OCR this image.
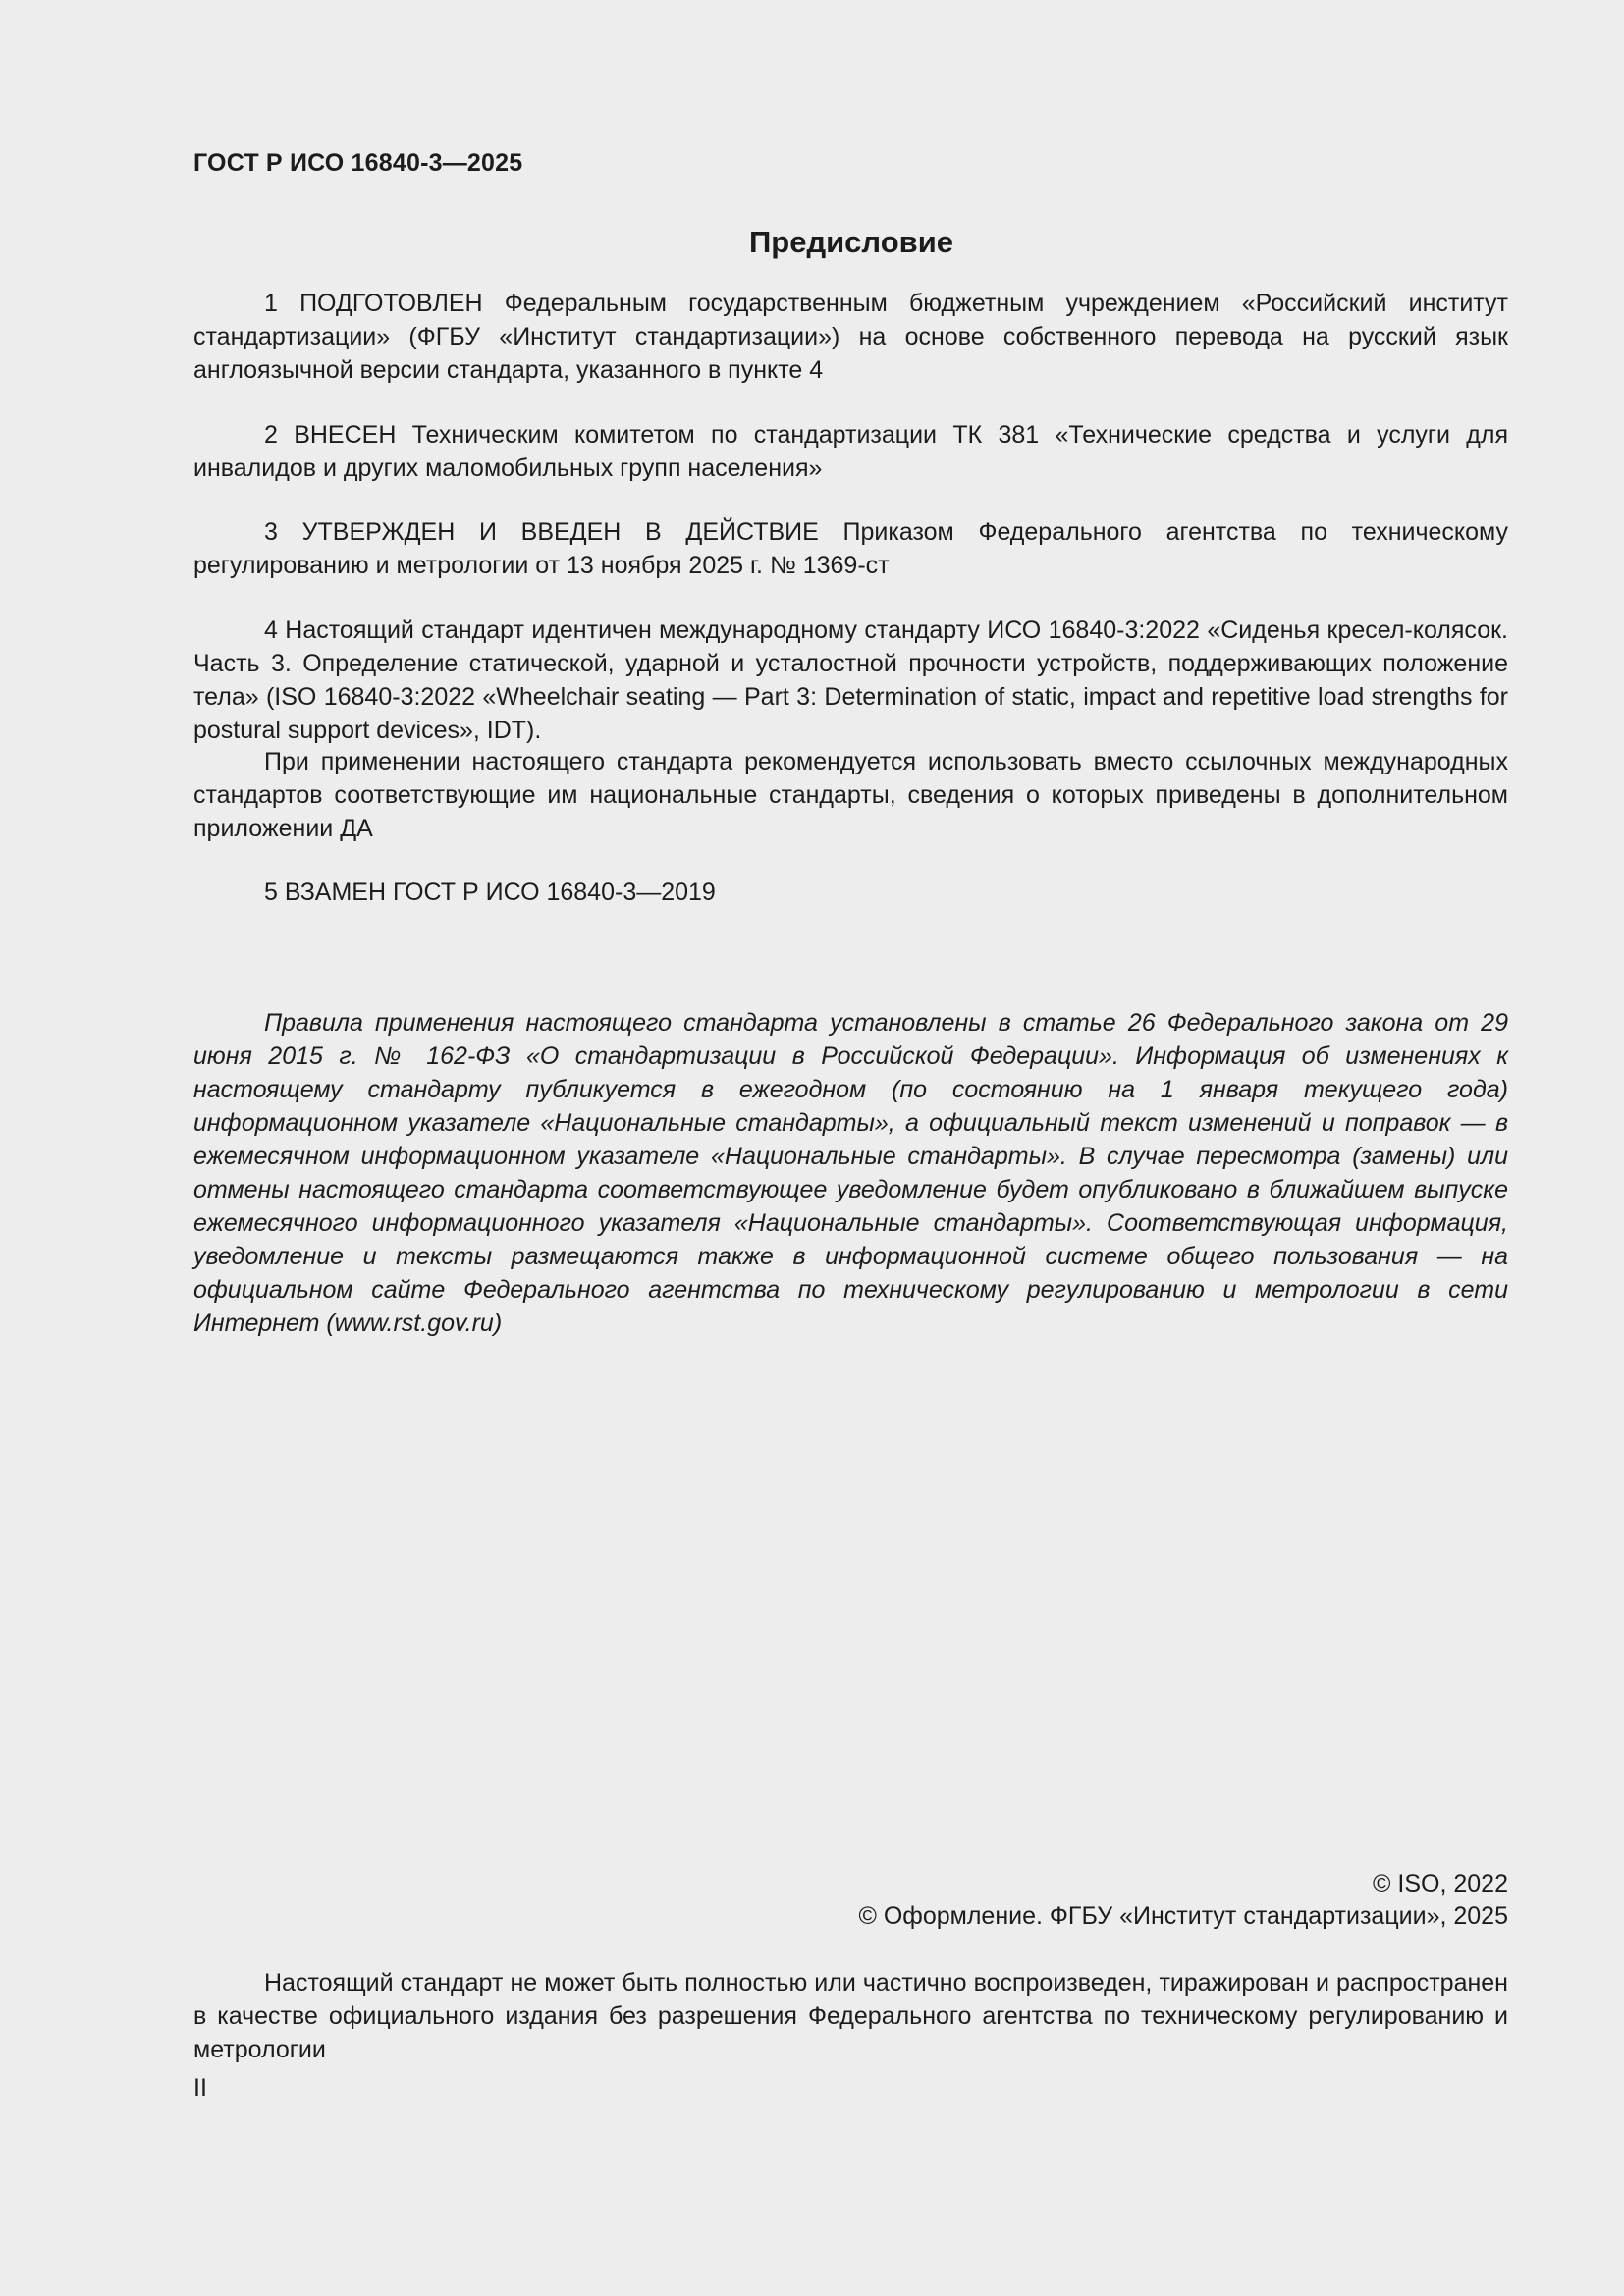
ГОСТ Р ИСО 16840-3—2025
Предисловие

1 ПОДГОТОВЛЕН Федеральным государственным бюджетным учреждением «Российский институт стандартизации» (ФГБУ «Институт стандартизации») на основе собственного перевода на русский язык англоязычной версии стандарта, указанного в пункте 4

2 ВНЕСЕН Техническим комитетом по стандартизации ТК 381 «Технические средства и услуги для инвалидов и других маломобильных групп населения»

3 УТВЕРЖДЕН И ВВЕДЕН В ДЕЙСТВИЕ Приказом Федерального агентства по техническому регулированию и метрологии от 13 ноября 2025 г. № 1369-ст

4 Настоящий стандарт идентичен международному стандарту ИСО 16840-3:2022 «Сиденья кресел-колясок. Часть 3. Определение статической, ударной и усталостной прочности устройств, поддерживающих положение тела» (ISO 16840-3:2022 «Wheelchair seating — Part 3: Determination of static, impact and repetitive load strengths for postural support devices», IDT).

При применении настоящего стандарта рекомендуется использовать вместо ссылочных международных стандартов соответствующие им национальные стандарты, сведения о которых приведены в дополнительном приложении ДА

5 ВЗАМЕН ГОСТ Р ИСО 16840-3—2019

Правила применения настоящего стандарта установлены в статье 26 Федерального закона от 29 июня 2015 г. № 162-ФЗ «О стандартизации в Российской Федерации». Информация об изменениях к настоящему стандарту публикуется в ежегодном (по состоянию на 1 января текущего года) информационном указателе «Национальные стандарты», а официальный текст изменений и поправок — в ежемесячном информационном указателе «Национальные стандарты». В случае пересмотра (замены) или отмены настоящего стандарта соответствующее уведомление будет опубликовано в ближайшем выпуске ежемесячного информационного указателя «Национальные стандарты». Соответствующая информация, уведомление и тексты размещаются также в информационной системе общего пользования — на официальном сайте Федерального агентства по техническому регулированию и метрологии в сети Интернет (www.rst.gov.ru)

© ISO, 2022
© Оформление. ФГБУ «Институт стандартизации», 2025

Настоящий стандарт не может быть полностью или частично воспроизведен, тиражирован и распространен в качестве официального издания без разрешения Федерального агентства по техническому регулированию и метрологии

II
